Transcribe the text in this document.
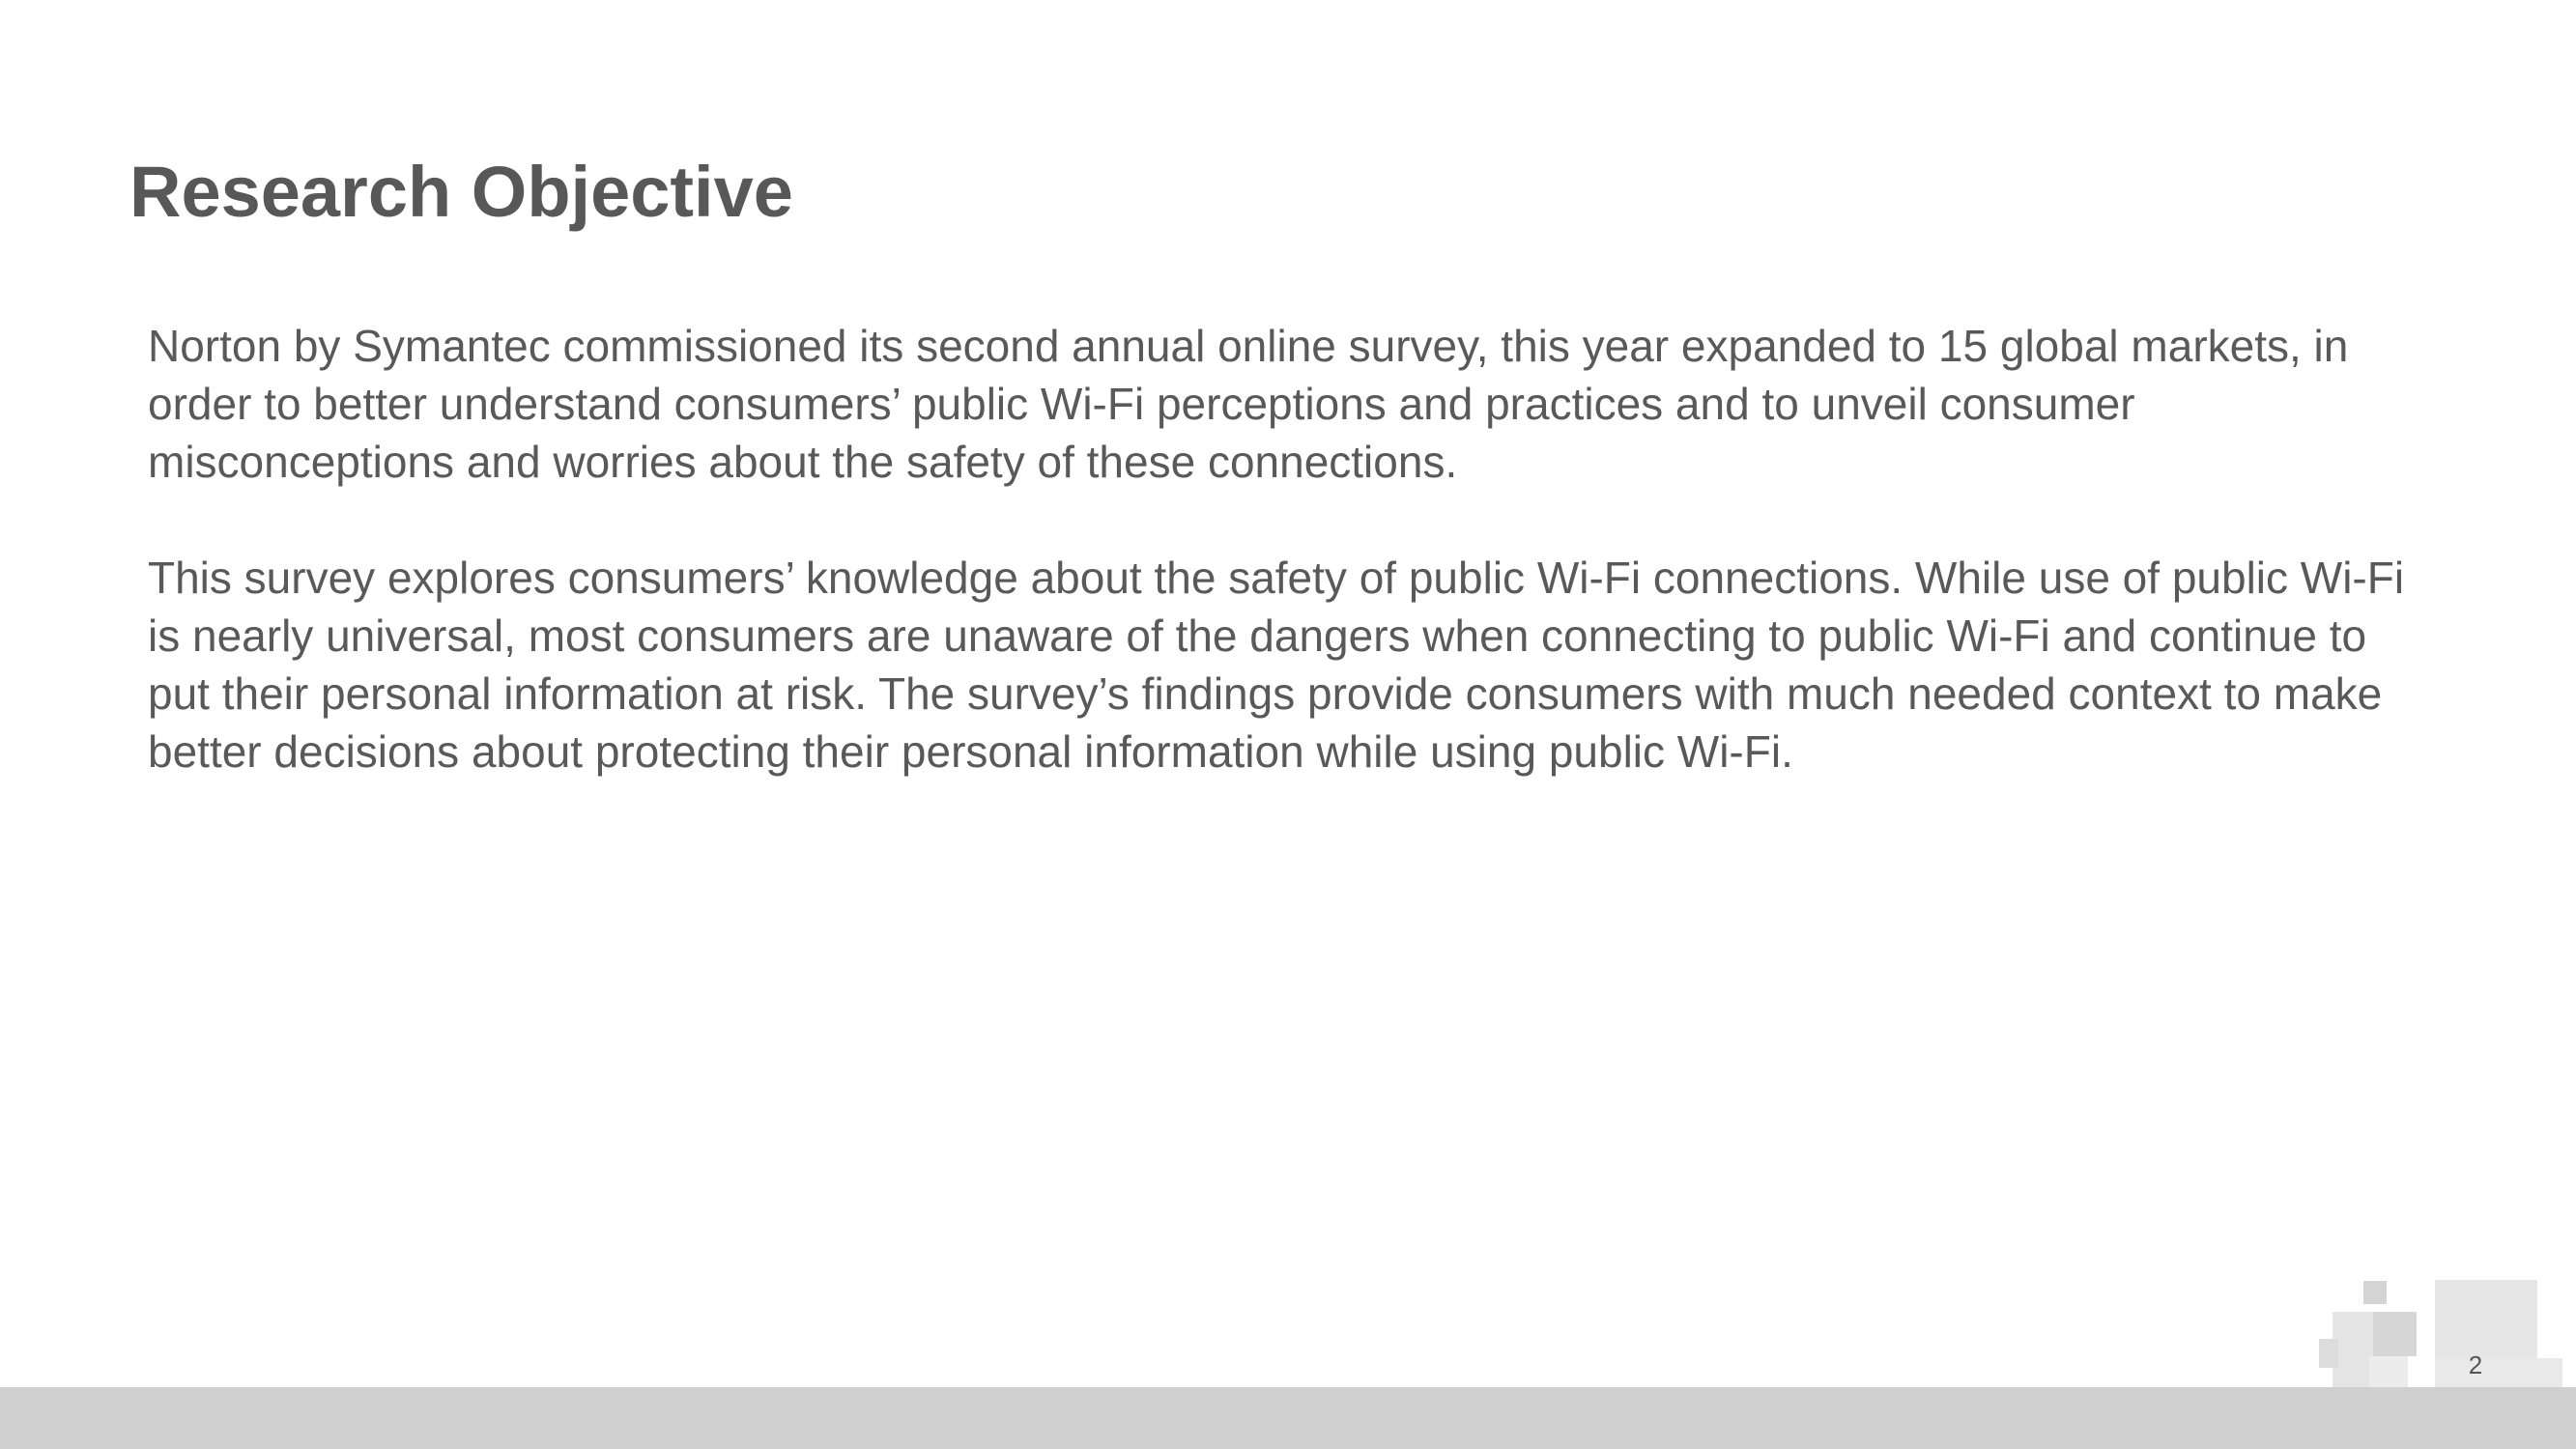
Research Objective

Norton by Symantec commissioned its second annual online survey, this year expanded to 15 global markets, in order to better understand consumers’ public Wi-Fi perceptions and practices and to unveil consumer misconceptions and worries about the safety of these connections.

This survey explores consumers’ knowledge about the safety of public Wi-Fi connections. While use of public Wi-Fi is nearly universal, most consumers are unaware of the dangers when connecting to public Wi-Fi and continue to put their personal information at risk. The survey’s findings provide consumers with much needed context to make better decisions about protecting their personal information while using public Wi-Fi.

2
